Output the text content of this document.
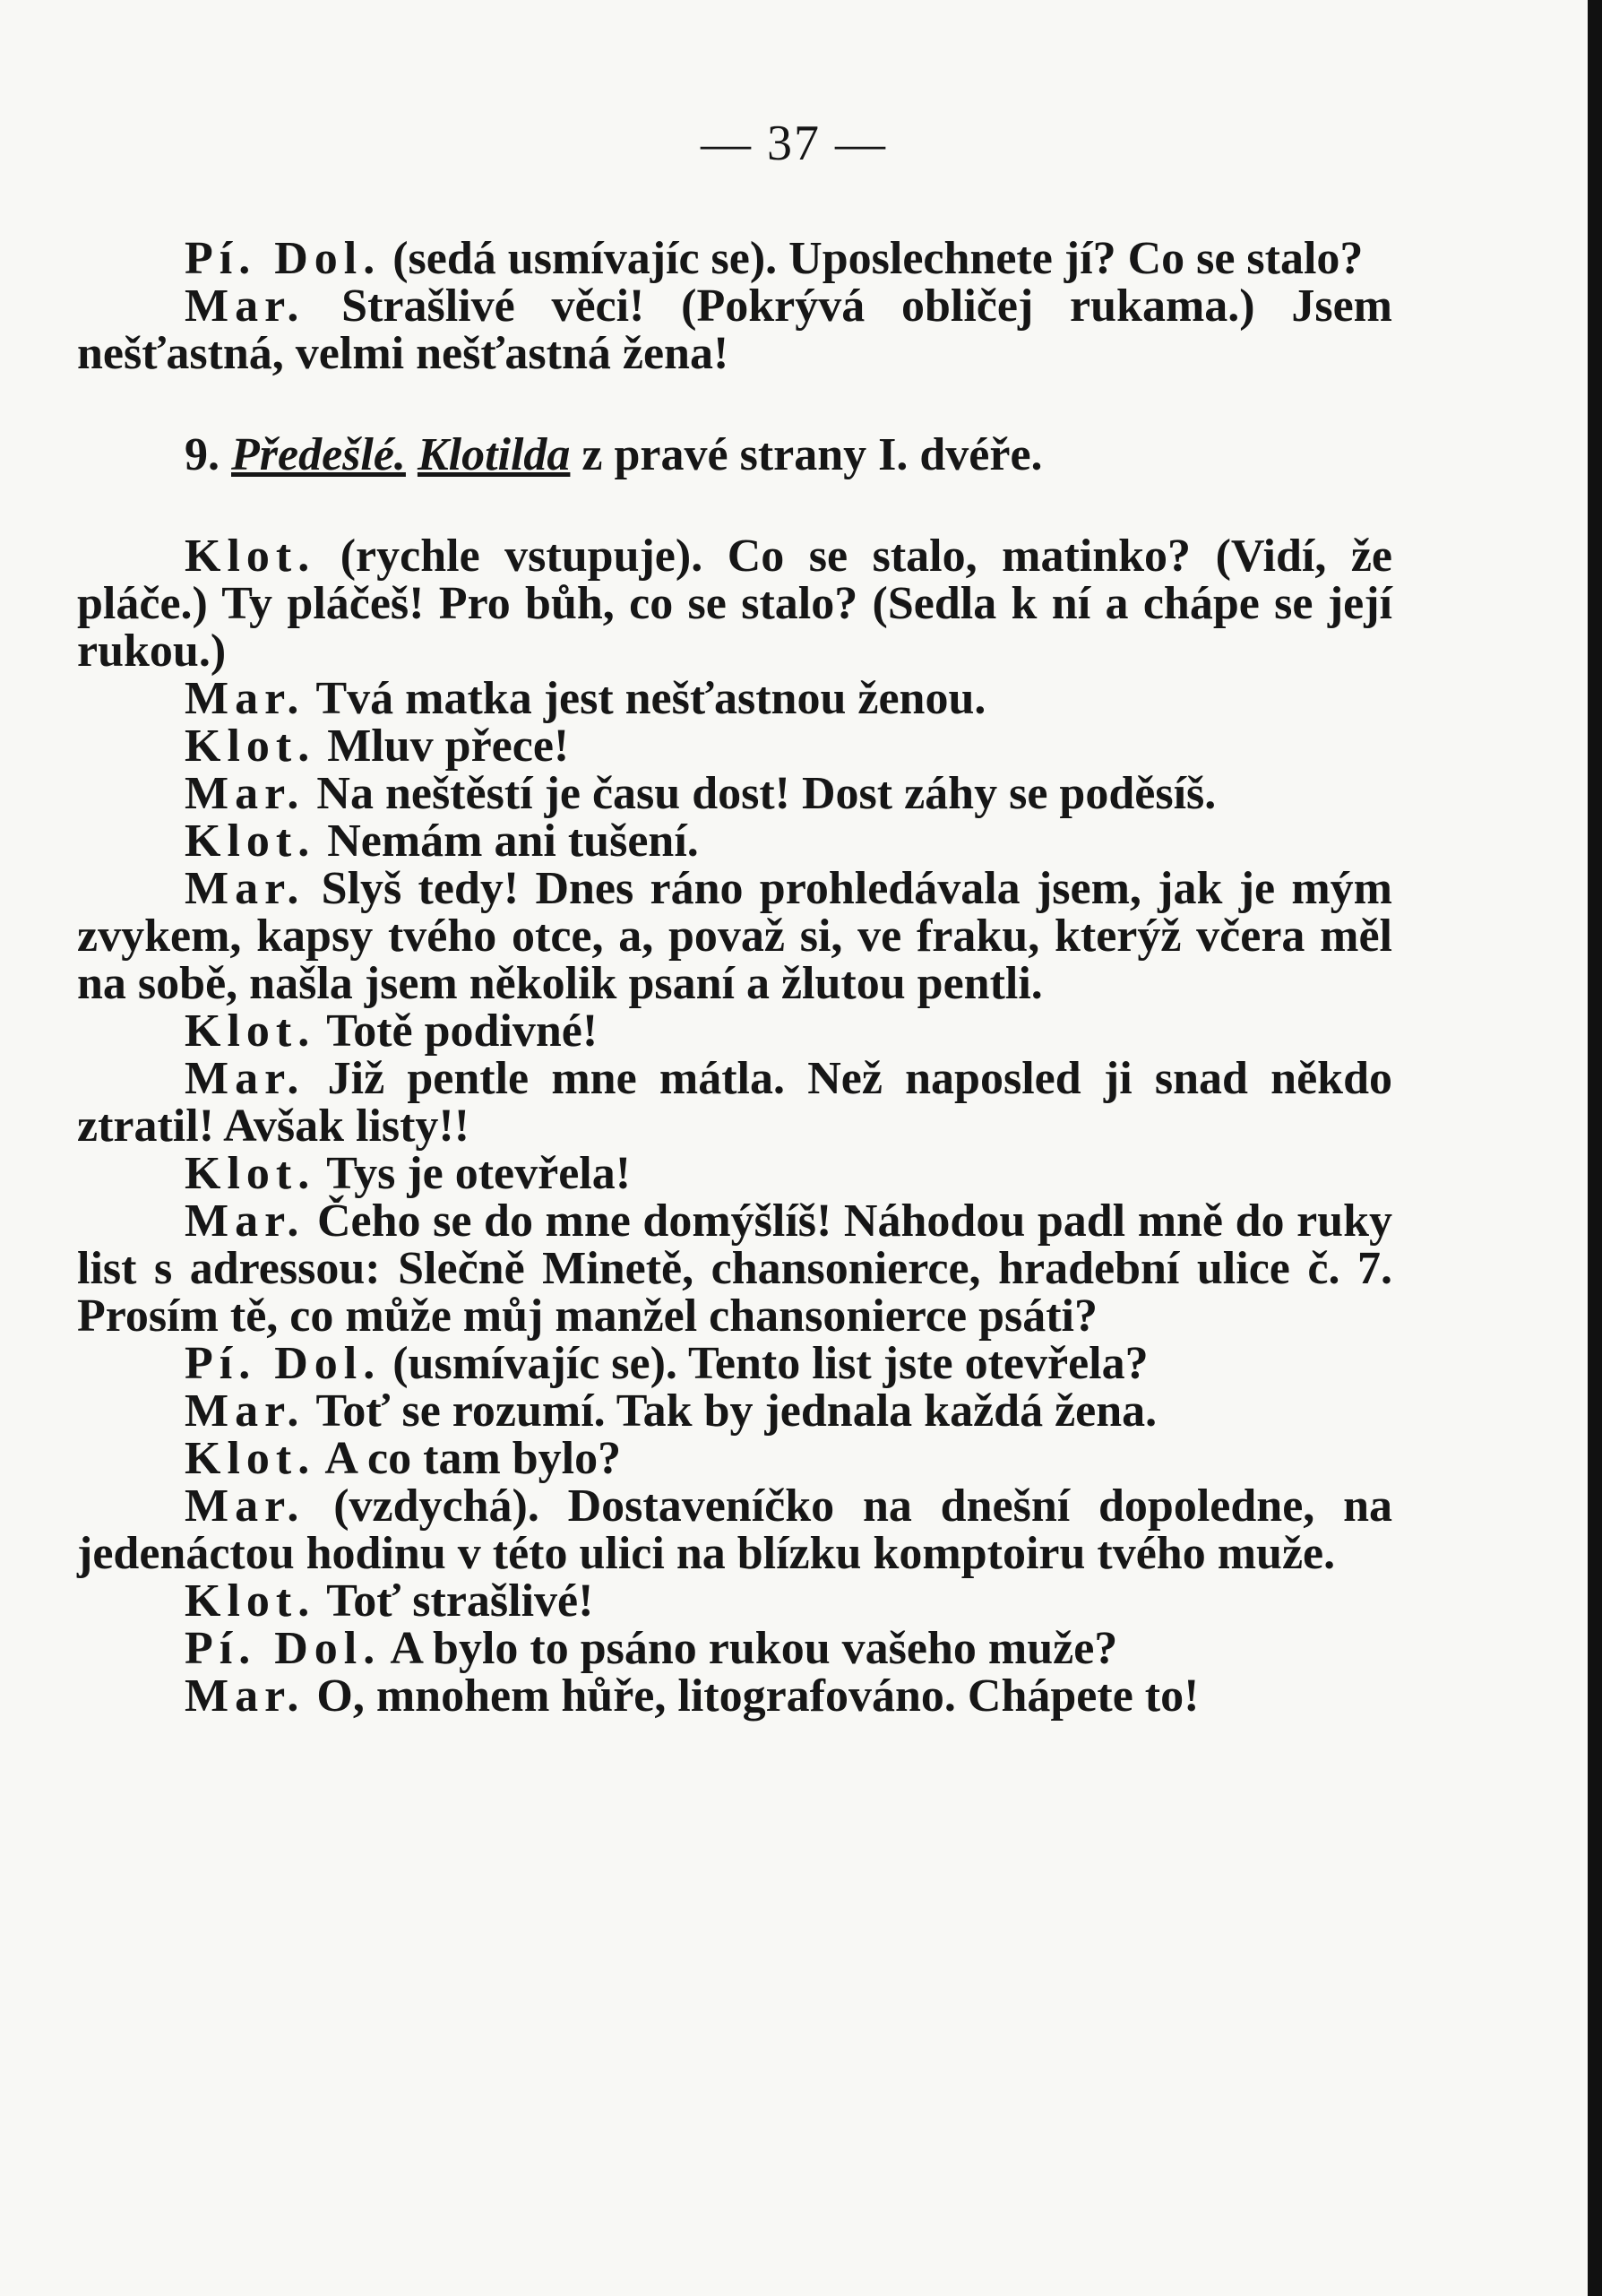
— 37 —

Pí. Dol. (sedá usmívajíc se). Uposlechnete jí? Co se stalo?

Mar. Strašlivé věci! (Pokrývá obličej rukama.) Jsem nešťastná, velmi nešťastná žena!

9. Předešlé. Klotilda z pravé strany I. dvéře.

Klot. (rychle vstupuje). Co se stalo, matinko? (Vidí, že pláče.) Ty pláčeš! Pro bůh, co se stalo? (Sedla k ní a chápe se její rukou.)

Mar. Tvá matka jest nešťastnou ženou.

Klot. Mluv přece!

Mar. Na neštěstí je času dost! Dost záhy se poděsíš.

Klot. Nemám ani tušení.

Mar. Slyš tedy! Dnes ráno prohledávala jsem, jak je mým zvykem, kapsy tvého otce, a, považ si, ve fraku, kterýž včera měl na sobě, našla jsem několik psaní a žlutou pentli.

Klot. Totě podivné!

Mar. Již pentle mne mátla. Než naposled ji snad někdo ztratil! Avšak listy!!

Klot. Tys je otevřela!

Mar. Čeho se do mne domýšlíš! Náhodou padl mně do ruky list s adressou: Slečně Minetě, chansonierce, hradební ulice č. 7. Prosím tě, co může můj manžel chansonierce psáti?

Pí. Dol. (usmívajíc se). Tento list jste otevřela?

Mar. Toť se rozumí. Tak by jednala každá žena.

Klot. A co tam bylo?

Mar. (vzdychá). Dostaveníčko na dnešní dopoledne, na jedenáctou hodinu v této ulici na blízku komptoiru tvého muže.

Klot. Toť strašlivé!

Pí. Dol. A bylo to psáno rukou vašeho muže?

Mar. O, mnohem hůře, litografováno. Chápete to!
